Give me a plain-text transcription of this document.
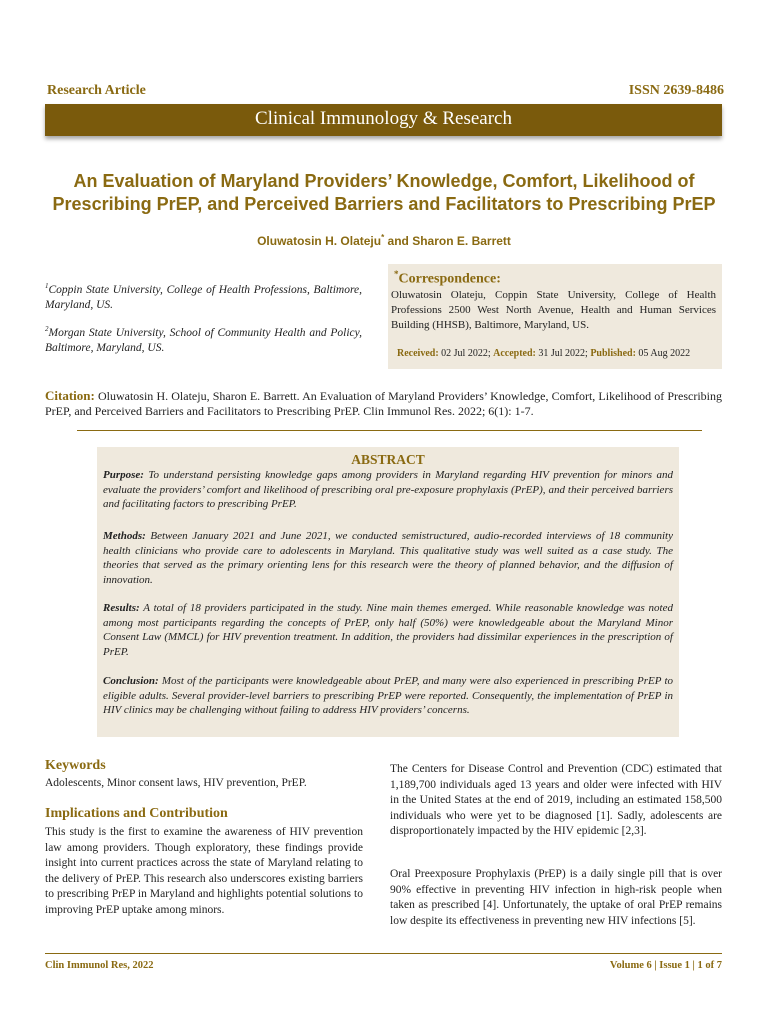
Research Article	ISSN 2639-8486
Clinical Immunology & Research
An Evaluation of Maryland Providers’ Knowledge, Comfort, Likelihood of
Prescribing PrEP, and Perceived Barriers and Facilitators to Prescribing PrEP
Oluwatosin H. Olateju* and Sharon E. Barrett
$^1$Coppin State University, College of Health Professions, Baltimore, Maryland, US.
$^2$Morgan State University, School of Community Health and Policy, Baltimore, Maryland, US.
*Correspondence:
Oluwatosin Olateju, Coppin State University, College of Health Professions 2500 West North Avenue, Health and Human Services Building (HHSB), Baltimore, Maryland, US.
Received: 02 Jul 2022; Accepted: 31 Jul 2022; Published: 05 Aug 2022
Citation: Oluwatosin H. Olateju, Sharon E. Barrett. An Evaluation of Maryland Providers’ Knowledge, Comfort, Likelihood of Prescribing PrEP, and Perceived Barriers and Facilitators to Prescribing PrEP. Clin Immunol Res. 2022; 6(1): 1-7.
ABSTRACT
Purpose: To understand persisting knowledge gaps among providers in Maryland regarding HIV prevention for minors and evaluate the providers’ comfort and likelihood of prescribing oral pre-exposure prophylaxis (PrEP), and their perceived barriers and facilitating factors to prescribing PrEP.
Methods: Between January 2021 and June 2021, we conducted semistructured, audio-recorded interviews of 18 community health clinicians who provide care to adolescents in Maryland. This qualitative study was well suited as a case study. The theories that served as the primary orienting lens for this research were the theory of planned behavior, and the diffusion of innovation.
Results: A total of 18 providers participated in the study. Nine main themes emerged. While reasonable knowledge was noted among most participants regarding the concepts of PrEP, only half (50%) were knowledgeable about the Maryland Minor Consent Law (MMCL) for HIV prevention treatment. In addition, the providers had dissimilar experiences in the prescription of PrEP.
Conclusion: Most of the participants were knowledgeable about PrEP, and many were also experienced in prescribing PrEP to eligible adults. Several provider-level barriers to prescribing PrEP were reported. Consequently, the implementation of PrEP in HIV clinics may be challenging without failing to address HIV providers’ concerns.
Keywords
Adolescents, Minor consent laws, HIV prevention, PrEP.
Implications and Contribution
This study is the first to examine the awareness of HIV prevention law among providers. Though exploratory, these findings provide insight into current practices across the state of Maryland relating to the delivery of PrEP. This research also underscores existing barriers to prescribing PrEP in Maryland and highlights potential solutions to improving PrEP uptake among minors.
The Centers for Disease Control and Prevention (CDC) estimated that 1,189,700 individuals aged 13 years and older were infected with HIV in the United States at the end of 2019, including an estimated 158,500 individuals who were yet to be diagnosed [1]. Sadly, adolescents are disproportionately impacted by the HIV epidemic [2,3].
Oral Preexposure Prophylaxis (PrEP) is a daily single pill that is over 90% effective in preventing HIV infection in high-risk people when taken as prescribed [4]. Unfortunately, the uptake of oral PrEP remains low despite its effectiveness in preventing new HIV infections [5].
Clin Immunol Res, 2022	Volume 6 | Issue 1 | 1 of 7
